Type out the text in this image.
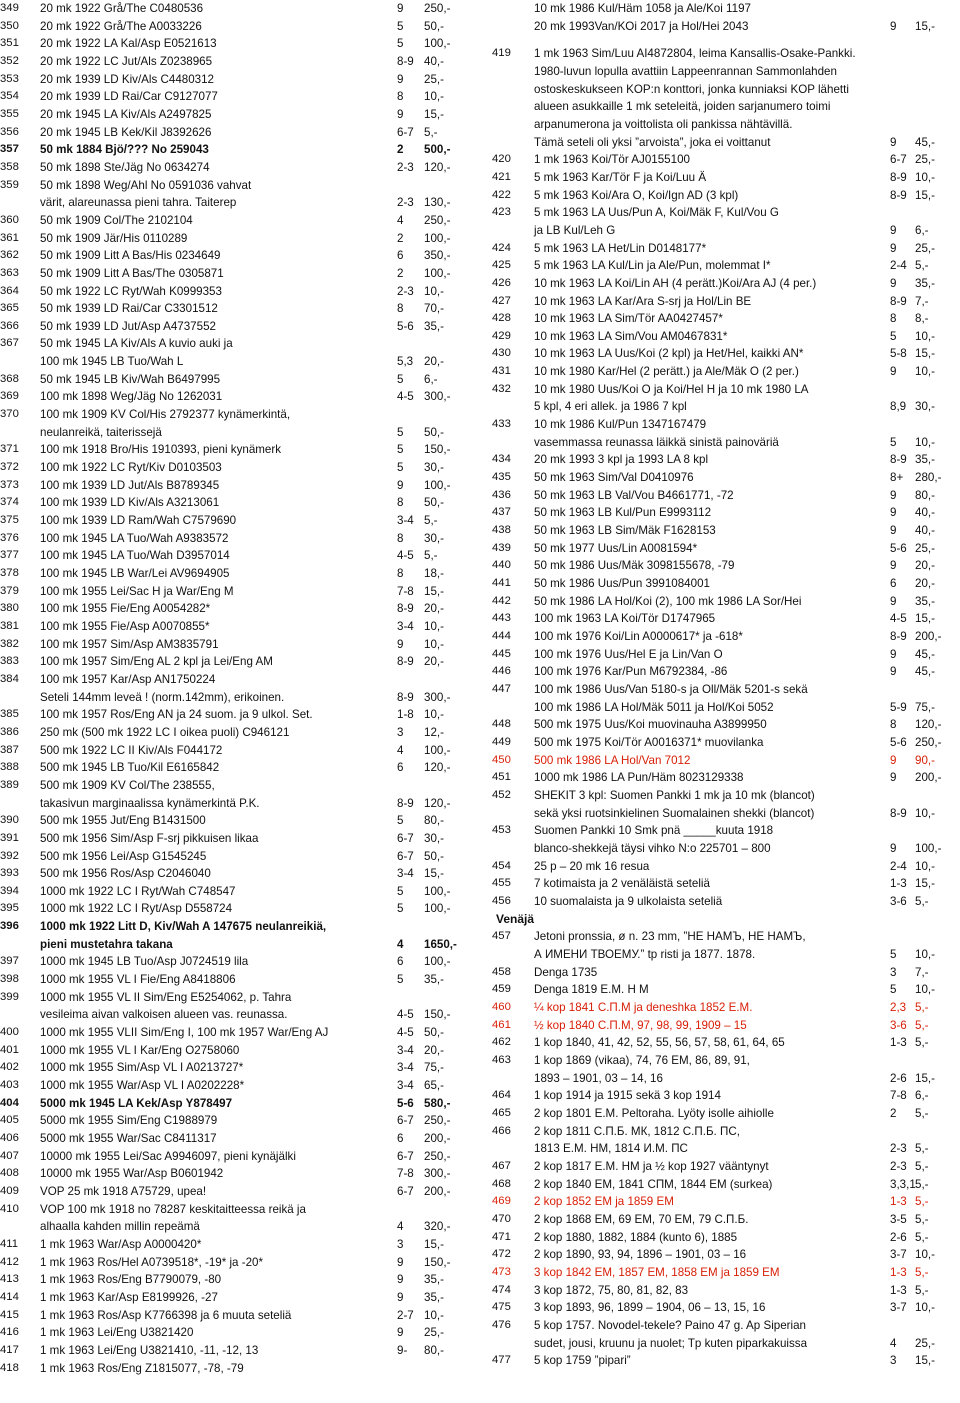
349	20 mk 1922 Grå/The C0480536	9	250,-
350	20 mk 1922 Grå/The A0033226	5	50,-
351	20 mk 1922 LA Kal/Asp E0521613	5	100,-
352	20 mk 1922 LC Jut/Als Z0238965	8-9 40,-
353	20 mk 1939 LD Kiv/Als C4480312	9	25,-
354	20 mk 1939 LD Rai/Car C9127077	8	10,-
355	20 mk 1945 LA Kiv/Als A2497825	9	15,-
356	20 mk 1945 LB Kek/Kil J8392626	6-7 5,-
357	50 mk 1884 Bjö/??? No 259043	2	500,-
358	50 mk 1898 Ste/Jäg No 0634274	2-3 120,-
359	50 mk 1898 Weg/Ahl No 0591036 vahvat
värit, alareunassa pieni tahra. Taiterep	2-3 130,-
360	50 mk 1909 Col/The 2102104	4	250,-
361	50 mk 1909 Jär/His 0110289	2	100,-
362	50 mk 1909 Litt A Bas/His 0234649	6	350,-
363	50 mk 1909 Litt A Bas/The 0305871	2	100,-
364	50 mk 1922 LC Ryt/Wah K0999353	2-3 10,-
365	50 mk 1939 LD Rai/Car C3301512	8	70,-
366	50 mk 1939 LD Jut/Asp A4737552	5-6 35,-
367	50 mk 1945 LA Kiv/Als A kuvio auki ja
100 mk 1945 LB Tuo/Wah L	5,3 20,-
368	50 mk 1945 LB Kiv/Wah B6497995	5	6,-
369	100 mk 1898 Weg/Jäg No 1262031	4-5 300,-
370	100 mk 1909 KV Col/His 2792377 kynämerkintä,
neulanreikä, taiterissejä	5	50,-
371	100 mk 1918 Bro/His 1910393, pieni kynämerk	5	150,-
372	100 mk 1922 LC Ryt/Kiv D0103503	5	30,-
373	100 mk 1939 LD Jut/Als B8789345	9	100,-
374	100 mk 1939 LD Kiv/Als A3213061	8	50,-
375	100 mk 1939 LD Ram/Wah C7579690	3-4 5,-
376	100 mk 1945 LA Tuo/Wah A9383572	8	30,-
377	100 mk 1945 LA Tuo/Wah D3957014	4-5 5,-
378	100 mk 1945 LB War/Lei AV9694905	8	18,-
379	100 mk 1955 Lei/Sac H ja War/Eng M	7-8 15,-
380	100 mk 1955 Fie/Eng A0054282*	8-9 20,-
381	100 mk 1955 Fie/Asp A0070855*	3-4 10,-
382	100 mk 1957 Sim/Asp AM3835791	9	10,-
383	100 mk 1957 Sim/Eng AL 2 kpl ja Lei/Eng AM	8-9 20,-
384	100 mk 1957 Kar/Asp AN1750224
Seteli 144mm leveä ! (norm.142mm), erikoinen.	8-9 300,-
385	100 mk 1957 Ros/Eng AN ja 24 suom. ja 9 ulkol. Set.	1-8 10,-
386	250 mk (500 mk 1922 LC I oikea puoli) C946121	3	12,-
387	500 mk 1922 LC II Kiv/Als F044172	4	100,-
388	500 mk 1945 LB Tuo/Kil E6165842	6	120,-
389	500 mk 1909 KV Col/The 238555,
takasivun marginaalissa kynämerkintä P.K.	8-9 120,-
390	500 mk 1955 Jut/Eng B1431500	5	80,-
391	500 mk 1956 Sim/Asp F-srj pikkuisen likaa	6-7 30,-
392	500 mk 1956 Lei/Asp G1545245	6-7 50,-
393	500 mk 1956 Ros/Asp C2046040	3-4 15,-
394	1000 mk 1922 LC I Ryt/Wah C748547	5	100,-
395	1000 mk 1922 LC I Ryt/Asp D558724	5	100,-
396	1000 mk 1922 Litt D, Kiv/Wah A 147675 neulanreikiä,
pieni mustetahra takana	4	1650,-
397	1000 mk 1945 LB Tuo/Asp J0724519 lila	6	100,-
398	1000 mk 1955 VL I Fie/Eng A8418806	5	35,-
399	1000 mk 1955 VL II Sim/Eng E5254062, p. Tahra
vesileima aivan valkoisen alueen vas. reunassa.	4-5 150,-
400	1000 mk 1955 VLII Sim/Eng I, 100 mk 1957 War/Eng AJ	4-5 50,-
401	1000 mk 1955 VL I Kar/Eng O2758060	3-4 20,-
402	1000 mk 1955 Sim/Asp VL I A0213727*	3-4 75,-
403	1000 mk 1955 War/Asp VL I A0202228*	3-4 65,-
404	5000 mk 1945 LA Kek/Asp Y878497	5-6 580,-
405	5000 mk 1955 Sim/Eng C1988979	6-7 250,-
406	5000 mk 1955 War/Sac C8411317	6	200,-
407	10000 mk 1955 Lei/Sac A9946097, pieni kynäjälki	6-7 250,-
408	10000 mk 1955 War/Asp B0601942	7-8 300,-
409	VOP 25 mk 1918 A75729, upea!	6-7 200,-
410	VOP 100 mk 1918 no 78287 keskitaitteessa reikä ja
alhaalla kahden millin repeämä	4	320,-
411	1 mk 1963 War/Asp A0000420*	3	15,-
412	1 mk 1963 Ros/Hel A0739518*, -19* ja -20*	9	150,-
413	1 mk 1963 Ros/Eng B7790079, -80	9	35,-
414	1 mk 1963 Kar/Asp E8199926, -27	9	35,-
415	1 mk 1963 Ros/Asp K7766398 ja 6 muuta seteliä	2-7 10,-
416	1 mk 1963 Lei/Eng U3821420	9	25,-
417	1 mk 1963 Lei/Eng U3821410, -11, -12, 13	9-	80,-
418	1 mk 1963 Ros/Eng Z1815077, -78, -79
10 mk 1986 Kul/Häm 1058 ja Ale/Koi 1197
20 mk 1993Van/KOi 2017 ja Hol/Hei 2043	9	15,-
419	1 mk 1963 Sim/Luu AI4872804, leima Kansallis-Osake-Pankki.
1980-luvun lopulla avattiin Lappeenrannan Sammonlahden
ostoskeskukseen KOP:n konttori, jonka kunniaksi KOP lähetti
alueen asukkaille 1 mk seteleitä, joiden sarjanumero toimi
arpanumerona ja voittolista oli pankissa nähtävillä.
Tämä seteli oli yksi ”arvoista”, joka ei voittanut	9	45,-
420	1 mk 1963 Koi/Tör AJ0155100	6-7 25,-
421	5 mk 1963 Kar/Tör F ja Koi/Luu Ä	8-9 10,-
422	5 mk 1963 Koi/Ara O, Koi/Ign AD (3 kpl)	8-9 15,-
423	5 mk 1963 LA Uus/Pun A, Koi/Mäk F, Kul/Vou G
ja LB Kul/Leh G	9	6,-
424	5 mk 1963 LA Het/Lin D0148177*	9	25,-
425	5 mk 1963 LA Kul/Lin ja Ale/Pun, molemmat I*	2-4 5,-
426	10 mk 1963 LA Koi/Lin AH (4 perätt.)Koi/Ara AJ (4 per.)	9	35,-
427	10 mk 1963 LA Kar/Ara S-srj ja Hol/Lin BE	8-9 7,-
428	10 mk 1963 LA Sim/Tör AA0427457*	8	8,-
429	10 mk 1963 LA Sim/Vou AM0467831*	5	10,-
430	10 mk 1963 LA Uus/Koi (2 kpl) ja Het/Hel, kaikki AN*	5-8 15,-
431	10 mk 1980 Kar/Hel (2 perätt.) ja Ale/Mäk O (2 per.)	9	10,-
432	10 mk 1980 Uus/Koi O ja Koi/Hel H ja 10 mk 1980 LA
5 kpl, 4 eri allek. ja 1986 7 kpl	8,9 30,-
433	10 mk 1986 Kul/Pun 1347167479
vasemmassa reunassa läikkä sinistä painoväriä	5	10,-
434	20 mk 1993 3 kpl ja 1993 LA 8 kpl	8-9 35,-
435	50 mk 1963 Sim/Val D0410976	8+	280,-
436	50 mk 1963 LB Val/Vou B4661771, -72	9	80,-
437	50 mk 1963 LB Kul/Pun E9993112	9	40,-
438	50 mk 1963 LB Sim/Mäk F1628153	9	40,-
439	50 mk 1977 Uus/Lin A0081594*	5-6 25,-
440	50 mk 1986 Uus/Mäk 3098155678, -79	9	20,-
441	50 mk 1986 Uus/Pun 3991084001	6	20,-
442	50 mk 1986 LA Hol/Koi (2), 100 mk 1986 LA Sor/Hei	9	35,-
443	100 mk 1963 LA Koi/Tör D1747965	4-5 15,-
444	100 mk 1976 Koi/Lin A0000617* ja -618*	8-9 200,-
445	100 mk 1976 Uus/Hel E ja Lin/Van O	9	45,-
446	100 mk 1976 Kar/Pun M6792384, -86	9	45,-
447	100 mk 1986 Uus/Van 5180-s ja Oll/Mäk 5201-s sekä
100 mk 1986 LA Hol/Mäk 5011 ja Hol/Koi 5052	5-9 75,-
448	500 mk 1975 Uus/Koi muovinauha A3899950	8	120,-
449	500 mk 1975 Koi/Tör A0016371* muovilanka	5-6 250,-
450	500 mk 1986 LA Hol/Van 7012	9	90,-
451	1000 mk 1986 LA Pun/Häm 8023129338	9	200,-
452	SHEKIT 3 kpl: Suomen Pankki 1 mk ja 10 mk (blancot)
sekä yksi ruotsinkielinen Suomalainen shekki (blancot)	8-9 10,-
453	Suomen Pankki 10 Smk pnä _____kuuta 1918
blanco-shekkejä täysi vihko N:o 225701 – 800	9	100,-
454	25 p – 20 mk 16 resua	2-4 10,-
455	7 kotimaista ja 2 venäläistä seteliä	1-3 15,-
456	10 suomalaista ja 9 ulkolaista seteliä	3-6 5,-
Venäjä
457	Jetoni pronssia, ø n. 23 mm, ”НЕ НАМЪ, НЕ НАМЪ,
А ИМЕНИ ТВОЕМУ.” tp risti ja 1877. 1878.	5	10,-
458	Denga 1735	3	7,-
459	Denga 1819 Е.М. Н М	5	10,-
460	¼ kop 1841 С.П.М ja deneshka 1852 Е.М.	2,3 5,-
461	½ kop 1840 С.П.М, 97, 98, 99, 1909 – 15	3-6 5,-
462	1 kop 1840, 41, 42, 52, 55, 56, 57, 58, 61, 64, 65	1-3 5,-
463	1 kop 1869 (vikaa), 74, 76 ЕМ, 86, 89, 91,
1893 – 1901, 03 – 14, 16	2-6 15,-
464	1 kop 1914 ja 1915 sekä 3 kop 1914	7-8 6,-
465	2 kop 1801 Е.М. Peltoraha. Lyöty isolle aihiolle	2	5,-
466	2 kop 1811 С.П.Б. МК, 1812 С.П.Б. ПС,
1813 Е.М. НМ, 1814 И.М. ПС	2-3 5,-
467	2 kop 1817 Е.М. НМ ja ½ kop 1927 vääntynyt	2-3 5,-
468	2 kop 1840 ЕМ, 1841 СПМ, 1844 ЕМ (surkea)	3,3,1 5,-
469	2 kop 1852 ЕМ ja 1859 ЕМ	1-3 5,-
470	2 kop 1868 ЕМ, 69 ЕМ, 70 ЕМ, 79 С.П.Б.	3-5 5,-
471	2 kop 1880, 1882, 1884 (kunto 6), 1885	2-6 5,-
472	2 kop 1890, 93, 94, 1896 – 1901, 03 – 16	3-7 10,-
473	3 kop 1842 ЕМ, 1857 ЕМ, 1858 ЕМ ja 1859 ЕМ	1-3 5,-
474	3 kop 1872, 75, 80, 81, 82, 83	1-3 5,-
475	3 kop 1893, 96, 1899 – 1904, 06 – 13, 15, 16	3-7 10,-
476	5 kop 1757. Novodel-tekele? Paino 47 g. Ap Siperian
sudet, jousi, kruunu ja nuolet; Tp kuten piparkakuissa	4	25,-
477	5 kop 1759 ”pipari”	3	15,-
